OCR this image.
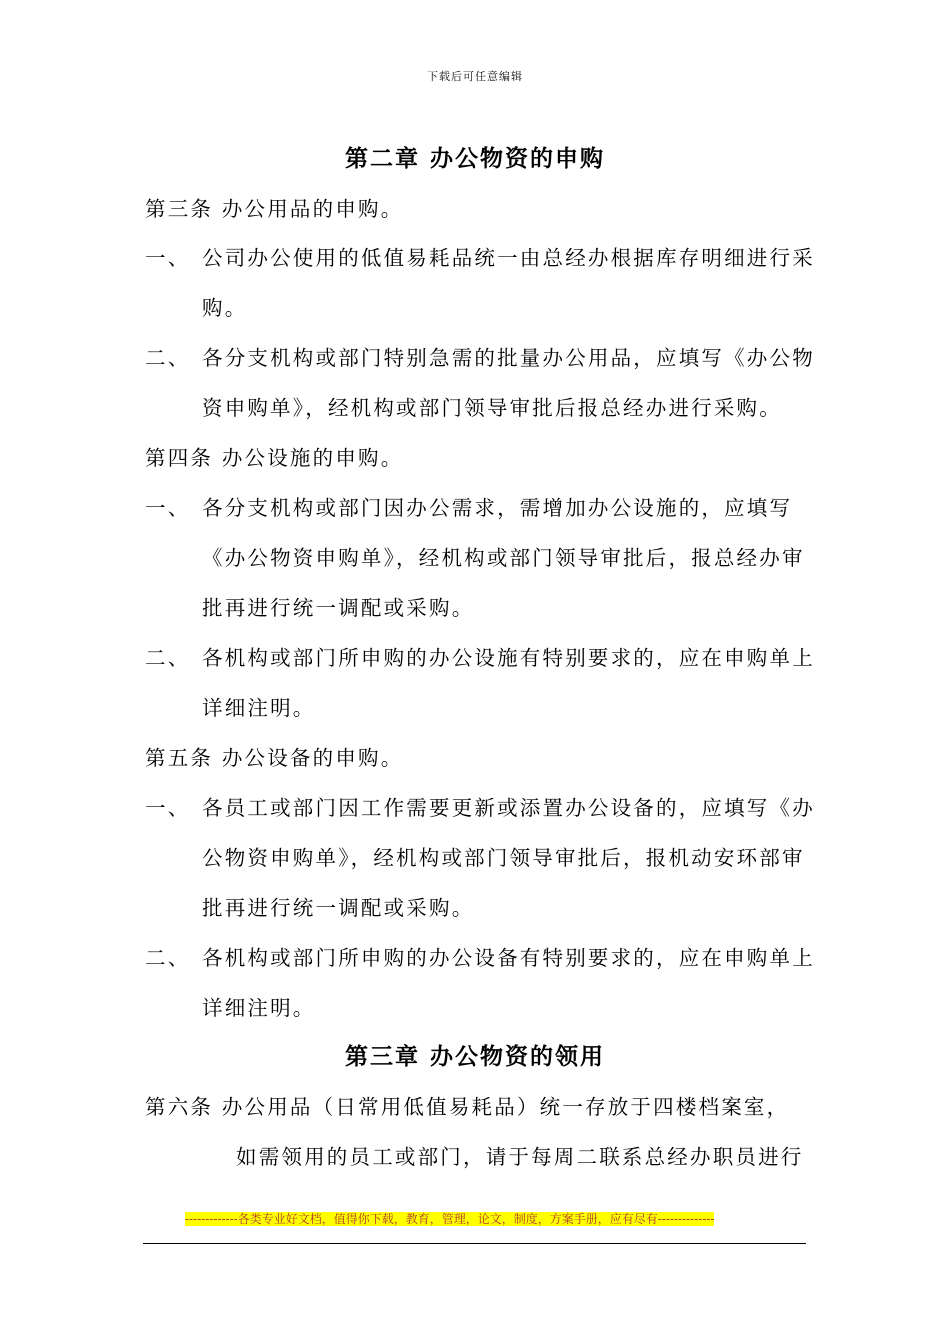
下载后可任意编辑
第二章 办公物资的申购
第三条 办公用品的申购。
一、 公司办公使用的低值易耗品统一由总经办根据库存明细进行采
购。
二、 各分支机构或部门特别急需的批量办公用品，应填写《办公物
资申购单》，经机构或部门领导审批后报总经办进行采购。
第四条 办公设施的申购。
一、 各分支机构或部门因办公需求，需增加办公设施的，应填写
《办公物资申购单》，经机构或部门领导审批后，报总经办审
批再进行统一调配或采购。
二、 各机构或部门所申购的办公设施有特别要求的，应在申购单上
详细注明。
第五条 办公设备的申购。
一、 各员工或部门因工作需要更新或添置办公设备的，应填写《办
公物资申购单》，经机构或部门领导审批后，报机动安环部审
批再进行统一调配或采购。
二、 各机构或部门所申购的办公设备有特别要求的，应在申购单上
详细注明。
第三章 办公物资的领用
第六条 办公用品（日常用低值易耗品）统一存放于四楼档案室，
如需领用的员工或部门，请于每周二联系总经办职员进行
-------------各类专业好文档，值得你下载，教育，管理，论文，制度，方案手册，应有尽有--------------
